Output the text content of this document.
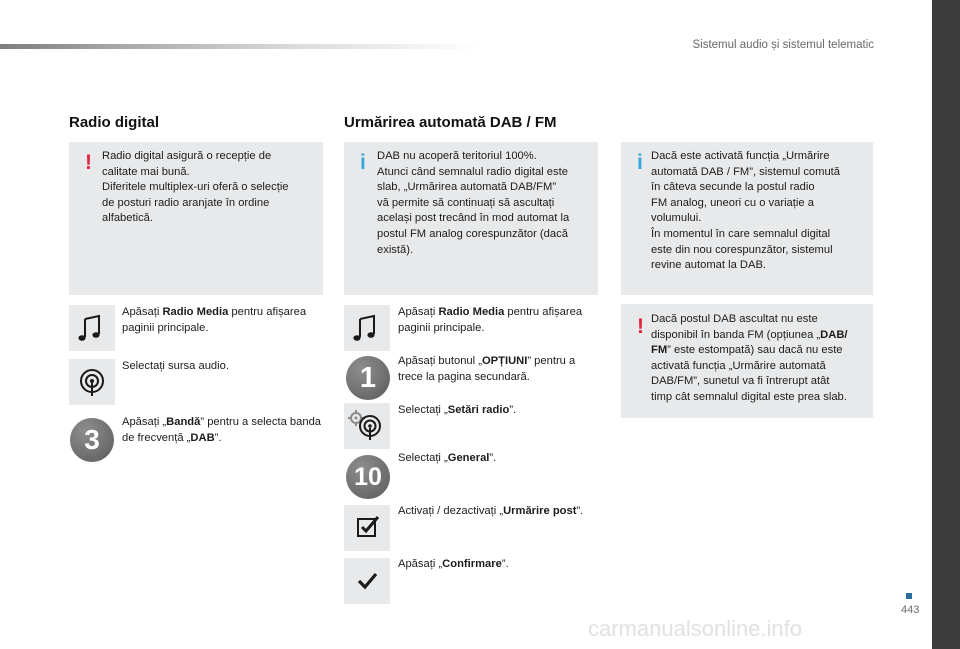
Sistemul audio și sistemul telematic
443
carmanualsonline.info
Radio digital
! Radio digital asigură o recepție de
calitate mai bună.
Diferitele multiplex-uri oferă o selecție
de posturi radio aranjate în ordine
alfabetică.
Apăsați Radio Media pentru afișarea paginii principale.
Selectați sursa audio.
3
Apăsați „Bandă” pentru a selecta banda de frecvență „DAB”.
Urmărirea automată DAB / FM
i DAB nu acoperă teritoriul 100%.
Atunci când semnalul radio digital este
slab, „Urmărirea automată DAB/FM”
vă permite să continuați să ascultați
același post trecând în mod automat la
postul FM analog corespunzător (dacă
există).
i Dacă este activată funcția „Urmărire
automată DAB / FM”, sistemul comută
în câteva secunde la postul radio
FM analog, uneori cu o variație a
volumului.
În momentul în care semnalul digital
este din nou corespunzător, sistemul
revine automat la DAB.
! Dacă postul DAB ascultat nu este
disponibil în banda FM (opțiunea „DAB/
FM” este estompată) sau dacă nu este
activată funcția „Urmărire automată
DAB/FM”, sunetul va fi întrerupt atât
timp cât semnalul digital este prea slab.
Apăsați Radio Media pentru afișarea paginii principale.
1
Apăsați butonul „OPȚIUNI” pentru a trece la pagina secundară.
Selectați „Setări radio”.
10
Selectați „General”.
Activați / dezactivați „Urmărire post”.
Apăsați „Confirmare”.
